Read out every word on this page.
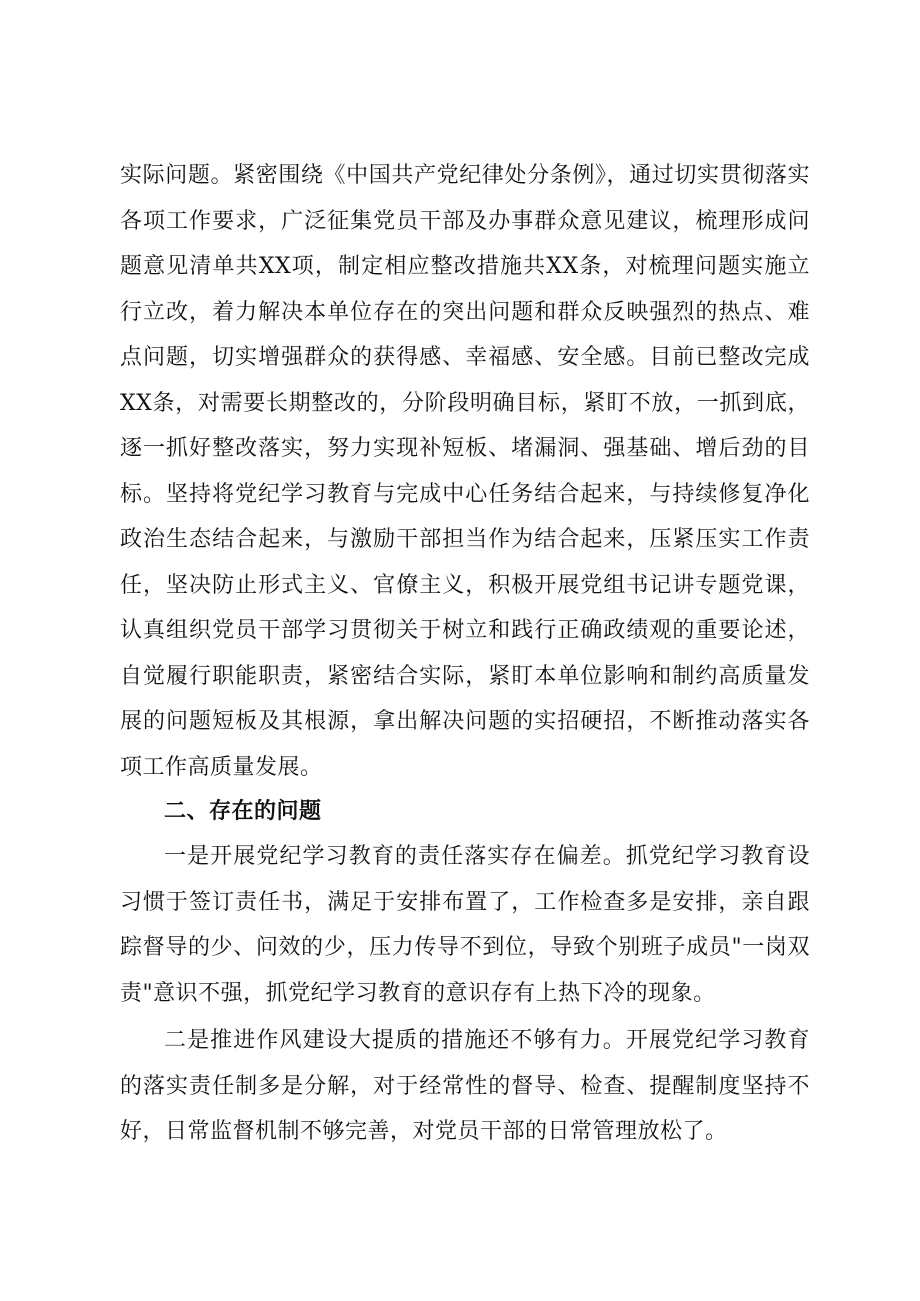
实际问题。紧密围绕《中国共产党纪律处分条例》，通过切实贯彻落实各项工作要求，广泛征集党员干部及办事群众意见建议，梳理形成问题意见清单共XX项，制定相应整改措施共XX条，对梳理问题实施立行立改，着力解决本单位存在的突出问题和群众反映强烈的热点、难点问题，切实增强群众的获得感、幸福感、安全感。目前已整改完成XX条，对需要长期整改的，分阶段明确目标，紧盯不放，一抓到底，逐一抓好整改落实，努力实现补短板、堵漏洞、强基础、增后劲的目标。坚持将党纪学习教育与完成中心任务结合起来，与持续修复净化政治生态结合起来，与激励干部担当作为结合起来，压紧压实工作责任，坚决防止形式主义、官僚主义，积极开展党组书记讲专题党课，认真组织党员干部学习贯彻关于树立和践行正确政绩观的重要论述，自觉履行职能职责，紧密结合实际，紧盯本单位影响和制约高质量发展的问题短板及其根源，拿出解决问题的实招硬招，不断推动落实各项工作高质量发展。

二、存在的问题

一是开展党纪学习教育的责任落实存在偏差。抓党纪学习教育设习惯于签订责任书，满足于安排布置了，工作检查多是安排，亲自跟踪督导的少、问效的少，压力传导不到位，导致个别班子成员"一岗双责"意识不强，抓党纪学习教育的意识存有上热下冷的现象。

二是推进作风建设大提质的措施还不够有力。开展党纪学习教育的落实责任制多是分解，对于经常性的督导、检查、提醒制度坚持不好，日常监督机制不够完善，对党员干部的日常管理放松了。
